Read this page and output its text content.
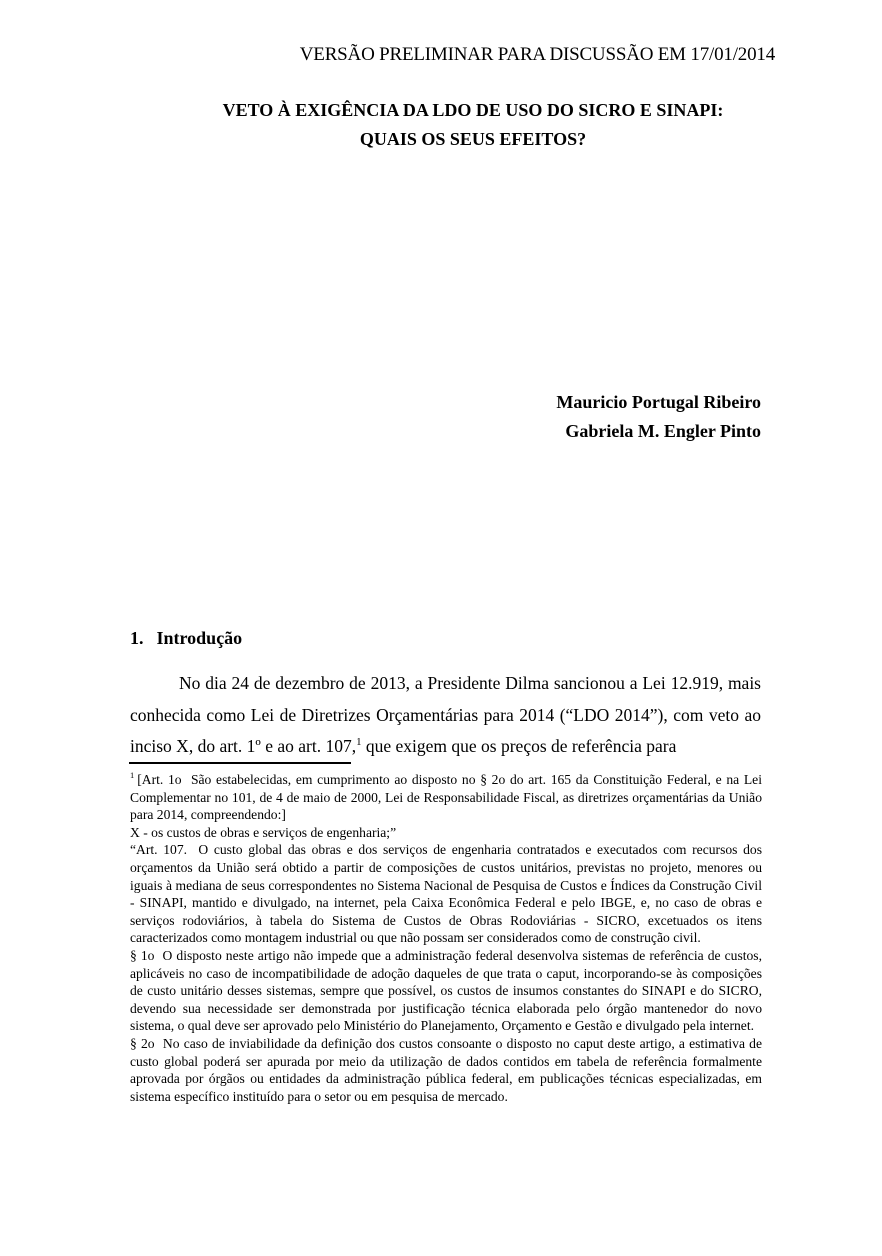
VERSÃO PRELIMINAR PARA DISCUSSÃO EM 17/01/2014
VETO À EXIGÊNCIA DA LDO DE USO DO SICRO E SINAPI:
QUAIS OS SEUS EFEITOS?
Mauricio Portugal Ribeiro
Gabriela M. Engler Pinto
1. Introdução
No dia 24 de dezembro de 2013, a Presidente Dilma sancionou a Lei 12.919, mais conhecida como Lei de Diretrizes Orçamentárias para 2014 (“LDO 2014”), com veto ao inciso X, do art. 1º e ao art. 107,$^1$ que exigem que os preços de referência para
$^1$ [Art. 1o  São estabelecidas, em cumprimento ao disposto no § 2o do art. 165 da Constituição Federal, e na Lei Complementar no 101, de 4 de maio de 2000, Lei de Responsabilidade Fiscal, as diretrizes orçamentárias da União para 2014, compreendendo:]
X - os custos de obras e serviços de engenharia;”
“Art. 107.  O custo global das obras e dos serviços de engenharia contratados e executados com recursos dos orçamentos da União será obtido a partir de composições de custos unitários, previstas no projeto, menores ou iguais à mediana de seus correspondentes no Sistema Nacional de Pesquisa de Custos e Índices da Construção Civil - SINAPI, mantido e divulgado, na internet, pela Caixa Econômica Federal e pelo IBGE, e, no caso de obras e serviços rodoviários, à tabela do Sistema de Custos de Obras Rodoviárias - SICRO, excetuados os itens caracterizados como montagem industrial ou que não possam ser considerados como de construção civil.
§ 1o  O disposto neste artigo não impede que a administração federal desenvolva sistemas de referência de custos, aplicáveis no caso de incompatibilidade de adoção daqueles de que trata o caput, incorporando-se às composições de custo unitário desses sistemas, sempre que possível, os custos de insumos constantes do SINAPI e do SICRO, devendo sua necessidade ser demonstrada por justificação técnica elaborada pelo órgão mantenedor do novo sistema, o qual deve ser aprovado pelo Ministério do Planejamento, Orçamento e Gestão e divulgado pela internet.
§ 2o  No caso de inviabilidade da definição dos custos consoante o disposto no caput deste artigo, a estimativa de custo global poderá ser apurada por meio da utilização de dados contidos em tabela de referência formalmente aprovada por órgãos ou entidades da administração pública federal, em publicações técnicas especializadas, em sistema específico instituído para o setor ou em pesquisa de mercado.
